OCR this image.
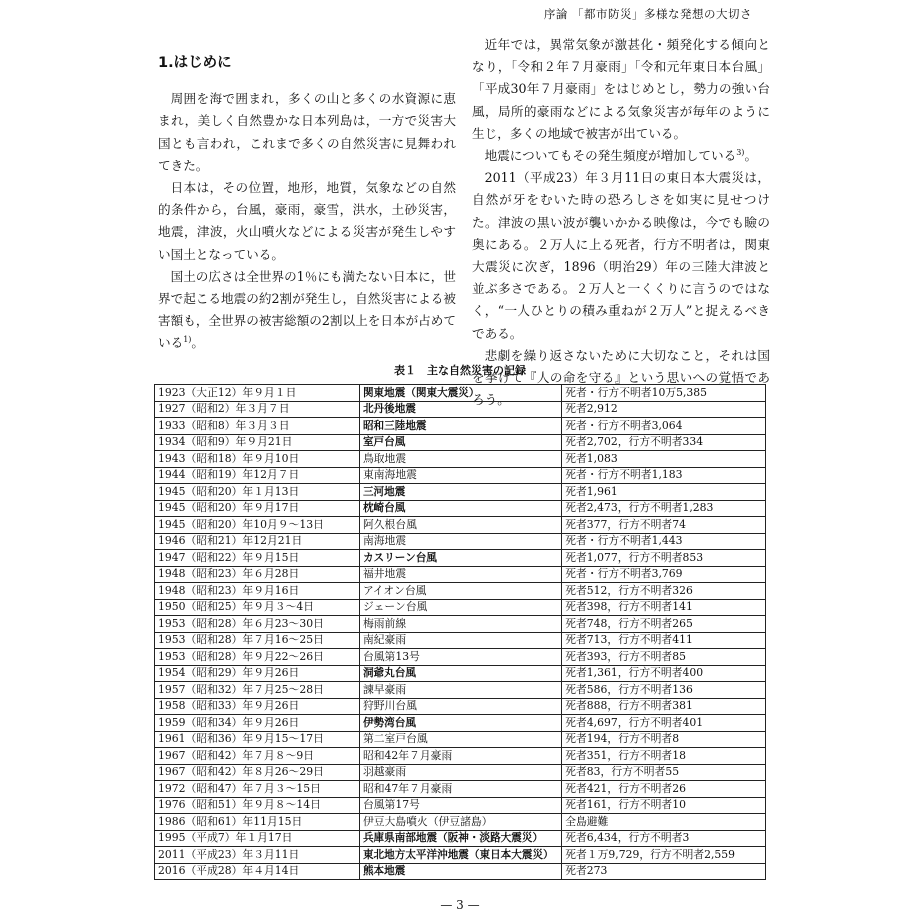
序論 「都市防災」多様な発想の大切さ
1.はじめに

周囲を海で囲まれ，多くの山と多くの水資源に恵まれ，美しく自然豊かな日本列島は，一方で災害大国とも言われ，これまで多くの自然災害に見舞われてきた。

日本は，その位置，地形，地質，気象などの自然的条件から，台風，豪雨，豪雪，洪水，土砂災害，地震，津波，火山噴火などによる災害が発生しやすい国土となっている。

国土の広さは全世界の1％にも満たない日本に，世界で起こる地震の約2割が発生し，自然災害による被害額も，全世界の被害総額の2割以上を日本が占めている$^{1)}$。

近年では，異常気象が激甚化・頻発化する傾向となり，「令和２年７月豪雨」「令和元年東日本台風」「平成30年７月豪雨」をはじめとし，勢力の強い台風，局所的豪雨などによる気象災害が毎年のように生じ，多くの地域で被害が出ている。

地震についてもその発生頻度が増加している$^{3)}$。

2011（平成23）年３月11日の東日本大震災は，自然が牙をむいた時の恐ろしさを如実に見せつけた。津波の黒い波が襲いかかる映像は，今でも瞼の奥にある。２万人に上る死者，行方不明者は，関東大震災に次ぎ，1896（明治29）年の三陸大津波と並ぶ多さである。２万人と一くくりに言うのではなく，“一人ひとりの積み重ねが２万人”と捉えるべきである。

悲劇を繰り返さないために大切なこと，それは国を挙げて『人の命を守る』という思いへの覚悟であろう。

表１　主な自然災害の記録
1923（大正12）年９月１日	関東地震（関東大震災）	死者・行方不明者10万5,385
1927（昭和2）年３月７日	北丹後地震	死者2,912
1933（昭和8）年３月３日	昭和三陸地震	死者・行方不明者3,064
1934（昭和9）年９月21日	室戸台風	死者2,702，行方不明者334
1943（昭和18）年９月10日	鳥取地震	死者1,083
1944（昭和19）年12月７日	東南海地震	死者・行方不明者1,183
1945（昭和20）年１月13日	三河地震	死者1,961
1945（昭和20）年９月17日	枕崎台風	死者2,473，行方不明者1,283
1945（昭和20）年10月９～13日	阿久根台風	死者377，行方不明者74
1946（昭和21）年12月21日	南海地震	死者・行方不明者1,443
1947（昭和22）年９月15日	カスリーン台風	死者1,077，行方不明者853
1948（昭和23）年６月28日	福井地震	死者・行方不明者3,769
1948（昭和23）年９月16日	アイオン台風	死者512，行方不明者326
1950（昭和25）年９月３～4日	ジェーン台風	死者398，行方不明者141
1953（昭和28）年６月23～30日	梅雨前線	死者748，行方不明者265
1953（昭和28）年７月16～25日	南紀豪雨	死者713，行方不明者411
1953（昭和28）年９月22～26日	台風第13号	死者393，行方不明者85
1954（昭和29）年９月26日	洞爺丸台風	死者1,361，行方不明者400
1957（昭和32）年７月25～28日	諫早豪雨	死者586，行方不明者136
1958（昭和33）年９月26日	狩野川台風	死者888，行方不明者381
1959（昭和34）年９月26日	伊勢湾台風	死者4,697，行方不明者401
1961（昭和36）年９月15～17日	第二室戸台風	死者194，行方不明者8
1967（昭和42）年７月８～9日	昭和42年７月豪雨	死者351，行方不明者18
1967（昭和42）年８月26～29日	羽越豪雨	死者83，行方不明者55
1972（昭和47）年７月３～15日	昭和47年７月豪雨	死者421，行方不明者26
1976（昭和51）年９月８～14日	台風第17号	死者161，行方不明者10
1986（昭和61）年11月15日	伊豆大島噴火（伊豆諸島）	全島避難
1995（平成7）年１月17日	兵庫県南部地震（阪神・淡路大震災）	死者6,434，行方不明者3
2011（平成23）年３月11日	東北地方太平洋沖地震（東日本大震災）	死者１万9,729，行方不明者2,559
2016（平成28）年４月14日	熊本地震	死者273
— 3 —
